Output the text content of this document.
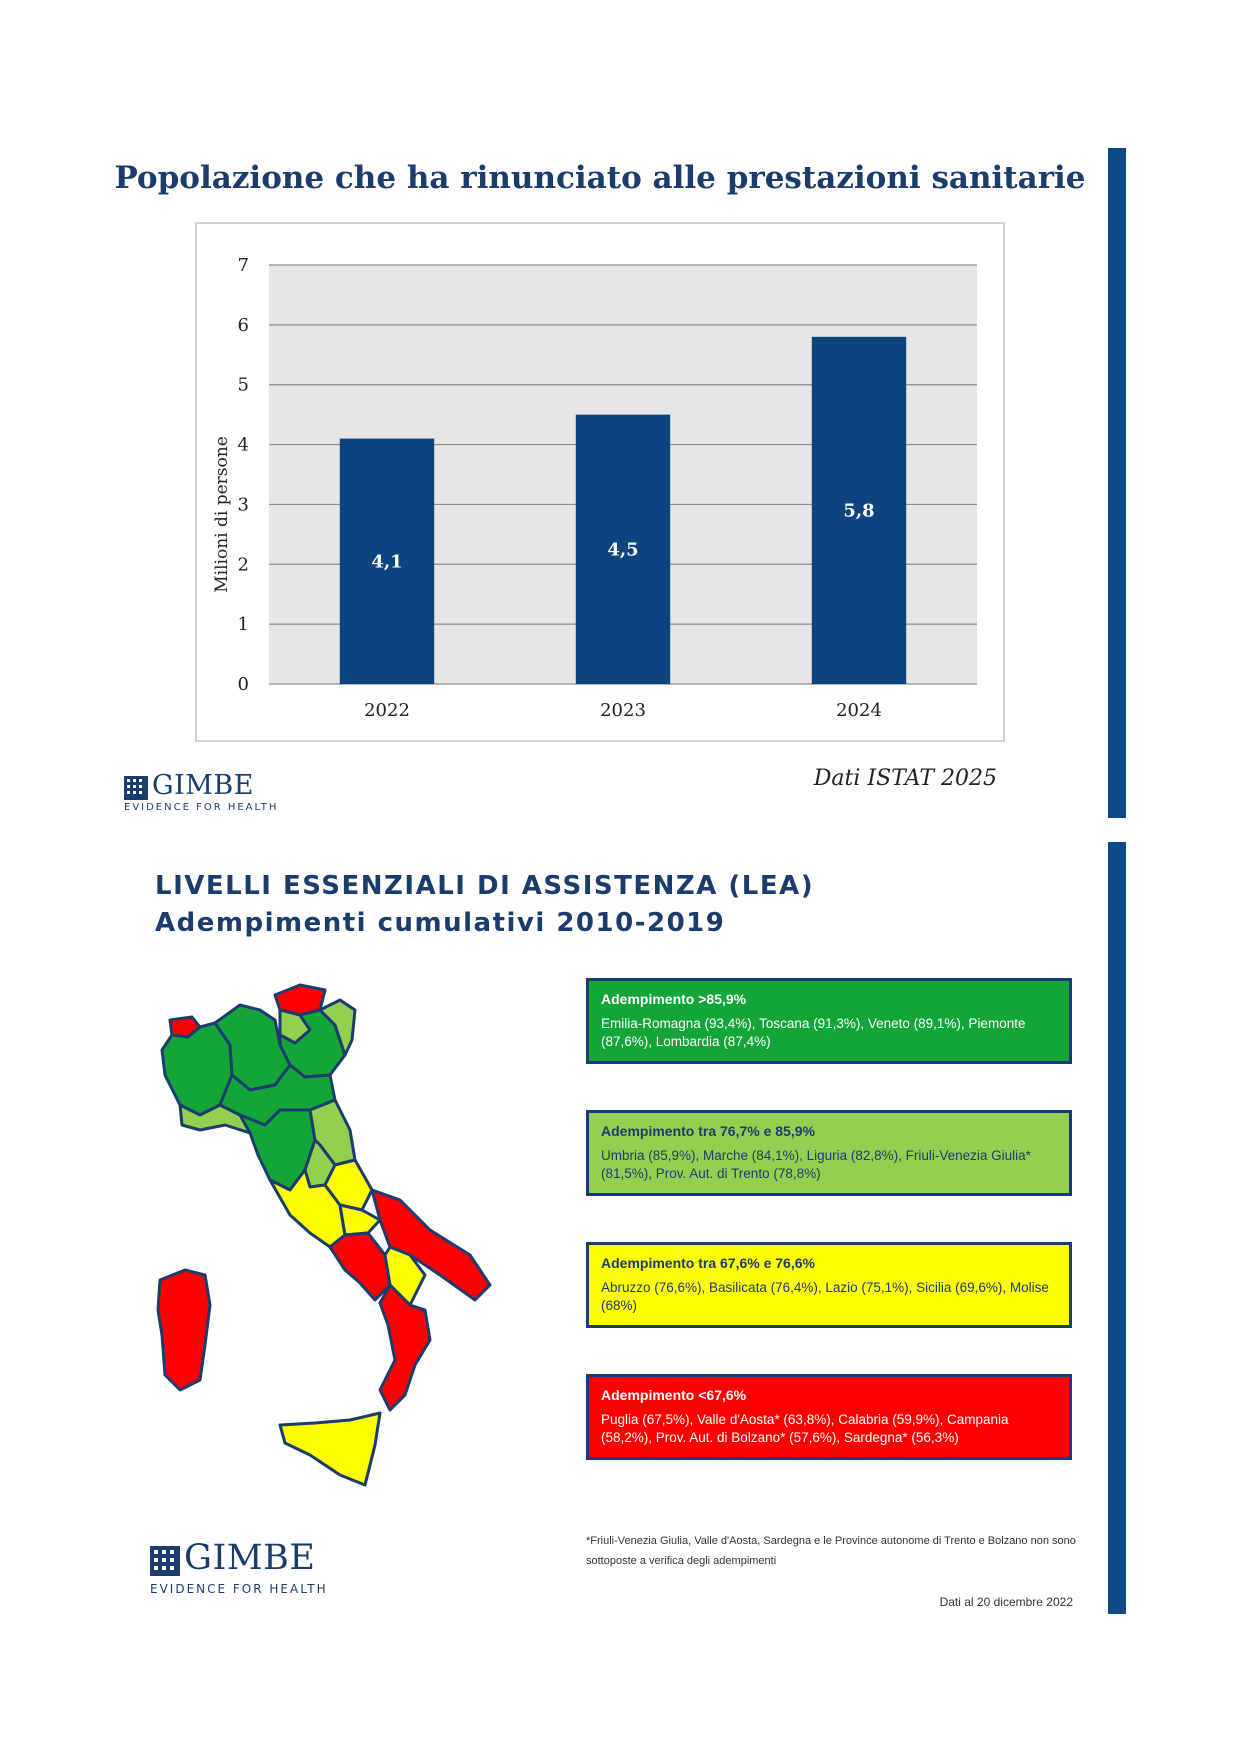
Popolazione che ha rinunciato alle prestazioni sanitarie
0
1
2
3
4
5
6
7
Milioni di persone	4,1
2022
4,5
2023
5,8
2024
GIMBE
EVIDENCE FOR HEALTH
Dati ISTAT 2025
LIVELLI ESSENZIALI DI ASSISTENZA (LEA)
Adempimenti cumulativi 2010-2019
Adempimento >85,9%
Emilia-Romagna (93,4%), Toscana (91,3%), Veneto (89,1%), Piemonte (87,6%), Lombardia (87,4%)
Adempimento tra 76,7% e 85,9%
Umbria (85,9%), Marche (84,1%), Liguria (82,8%), Friuli-Venezia Giulia* (81,5%), Prov. Aut. di Trento (78,8%)
Adempimento tra 67,6% e 76,6%
Abruzzo (76,6%), Basilicata (76,4%), Lazio (75,1%), Sicilia (69,6%), Molise (68%)
Adempimento <67,6%
Puglia (67,5%), Valle d'Aosta* (63,8%), Calabria (59,9%), Campania (58,2%), Prov. Aut. di Bolzano* (57,6%), Sardegna* (56,3%)
GIMBE
EVIDENCE FOR HEALTH
*Friuli-Venezia Giulia, Valle d'Aosta, Sardegna e le Province autonome di Trento e Bolzano non sono sottoposte a verifica degli adempimenti
Dati al 20 dicembre 2022
